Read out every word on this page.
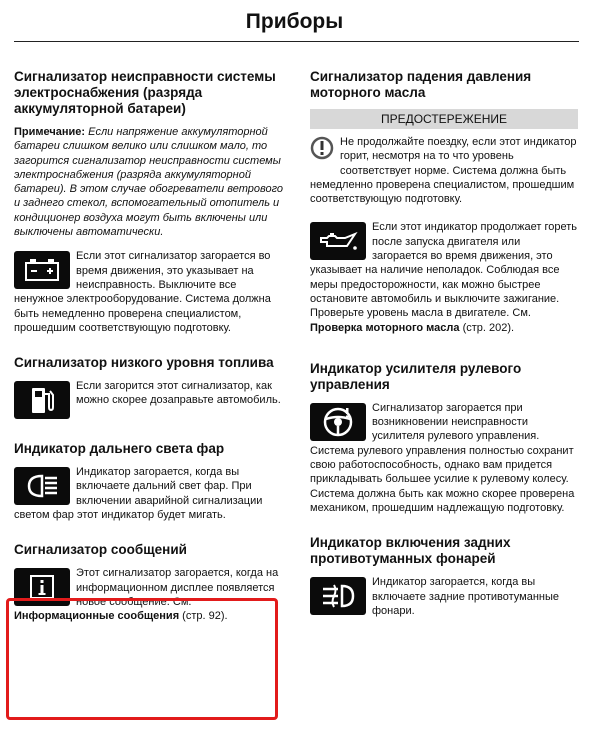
Приборы
Сигнализатор неисправности системы электроснабжения (разряда аккумуляторной батареи)

Примечание: Если напряжение аккумуляторной батареи слишком велико или слишком мало, то загорится сигнализатор неисправности системы электроснабжения (разряда аккумуляторной батареи). В этом случае обогреватели ветрового и заднего стекол, вспомогательный отопитель и кондиционер воздуха могут быть включены или выключены автоматически.

Если этот сигнализатор загорается во время движения, это указывает на неисправность. Выключите все ненужное электрооборудование. Система должна быть немедленно проверена специалистом, прошедшим соответствующую подготовку.

Сигнализатор низкого уровня топлива

Если загорится этот сигнализатор, как можно скорее дозаправьте автомобиль.

Индикатор дальнего света фар

Индикатор загорается, когда вы включаете дальний свет фар. При включении аварийной сигнализации светом фар этот индикатор будет мигать.

Сигнализатор сообщений

Этот сигнализатор загорается, когда на информационном дисплее появляется новое сообщение. См. Информационные сообщения (стр. 92).

Сигнализатор падения давления моторного масла
ПРЕДОСТЕРЕЖЕНИЕ

Не продолжайте поездку, если этот индикатор горит, несмотря на то что уровень соответствует норме. Система должна быть немедленно проверена специалистом, прошедшим соответствующую подготовку.

Если этот индикатор продолжает гореть после запуска двигателя или загорается во время движения, это указывает на наличие неполадок. Соблюдая все меры предосторожности, как можно быстрее остановите автомобиль и выключите зажигание. Проверьте уровень масла в двигателе. См. Проверка моторного масла (стр. 202).

Индикатор усилителя рулевого управления

Сигнализатор загорается при возникновении неисправности усилителя рулевого управления. Система рулевого управления полностью сохранит свою работоспособность, однако вам придется прикладывать большее усилие к рулевому колесу. Система должна быть как можно скорее проверена механиком, прошедшим надлежащую подготовку.

Индикатор включения задних противотуманных фонарей

Индикатор загорается, когда вы включаете задние противотуманные фонари.
